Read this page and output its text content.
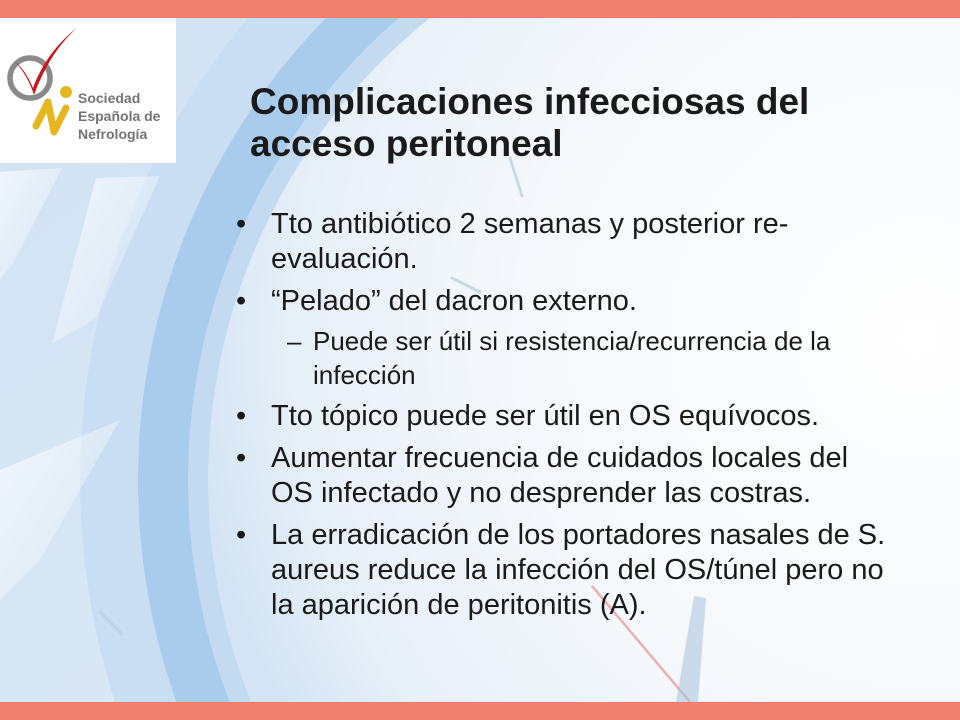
Sociedad
Española de
Nefrología
Complicaciones infecciosas del
acceso peritoneal
• Tto antibiótico 2 semanas y posterior re-
evaluación.
• “Pelado” del dacron externo.
– Puede ser útil si resistencia/recurrencia de la
infección
• Tto tópico puede ser útil en OS equívocos.
• Aumentar frecuencia de cuidados locales del
OS infectado y no desprender las costras.
• La erradicación de los portadores nasales de S.
aureus reduce la infección del OS/túnel pero no
la aparición de peritonitis (A).
